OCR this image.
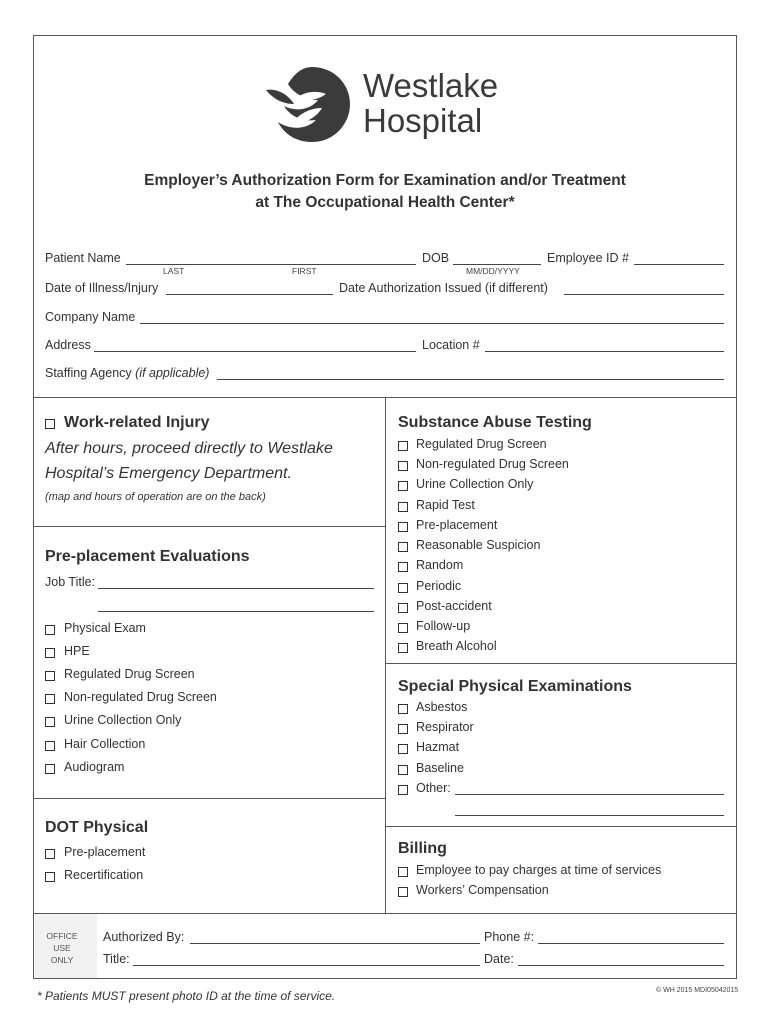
Westlake
Hospital
Employer’s Authorization Form for Examination and/or Treatment
at The Occupational Health Center*
Patient Name
LAST	FIRST
DOB
MM/DD/YYYY
Employee ID #
Date of Illness/Injury	Date Authorization Issued (if different)
Company Name
Address	Location #
Staffing Agency (if applicable)
Work-related Injury
After hours, proceed directly to Westlake
Hospital’s Emergency Department.
(map and hours of operation are on the back)
Pre-placement Evaluations
Job Title:
Physical Exam
HPE
Regulated Drug Screen
Non-regulated Drug Screen
Urine Collection Only
Hair Collection
Audiogram
DOT Physical
Pre-placement
Recertification
Substance Abuse Testing
Regulated Drug Screen
Non-regulated Drug Screen
Urine Collection Only
Rapid Test
Pre-placement
Reasonable Suspicion
Random
Periodic
Post-accident
Follow-up
Breath Alcohol
Special Physical Examinations
Asbestos
Respirator
Hazmat
Baseline
Other:
Billing
Employee to pay charges at time of services
Workers’ Compensation
OFFICE
USE
ONLY
Authorized By:	Phone #:
Title:	Date:
* Patients MUST present photo ID at the time of service.	© WH 2015 MDI05042015
